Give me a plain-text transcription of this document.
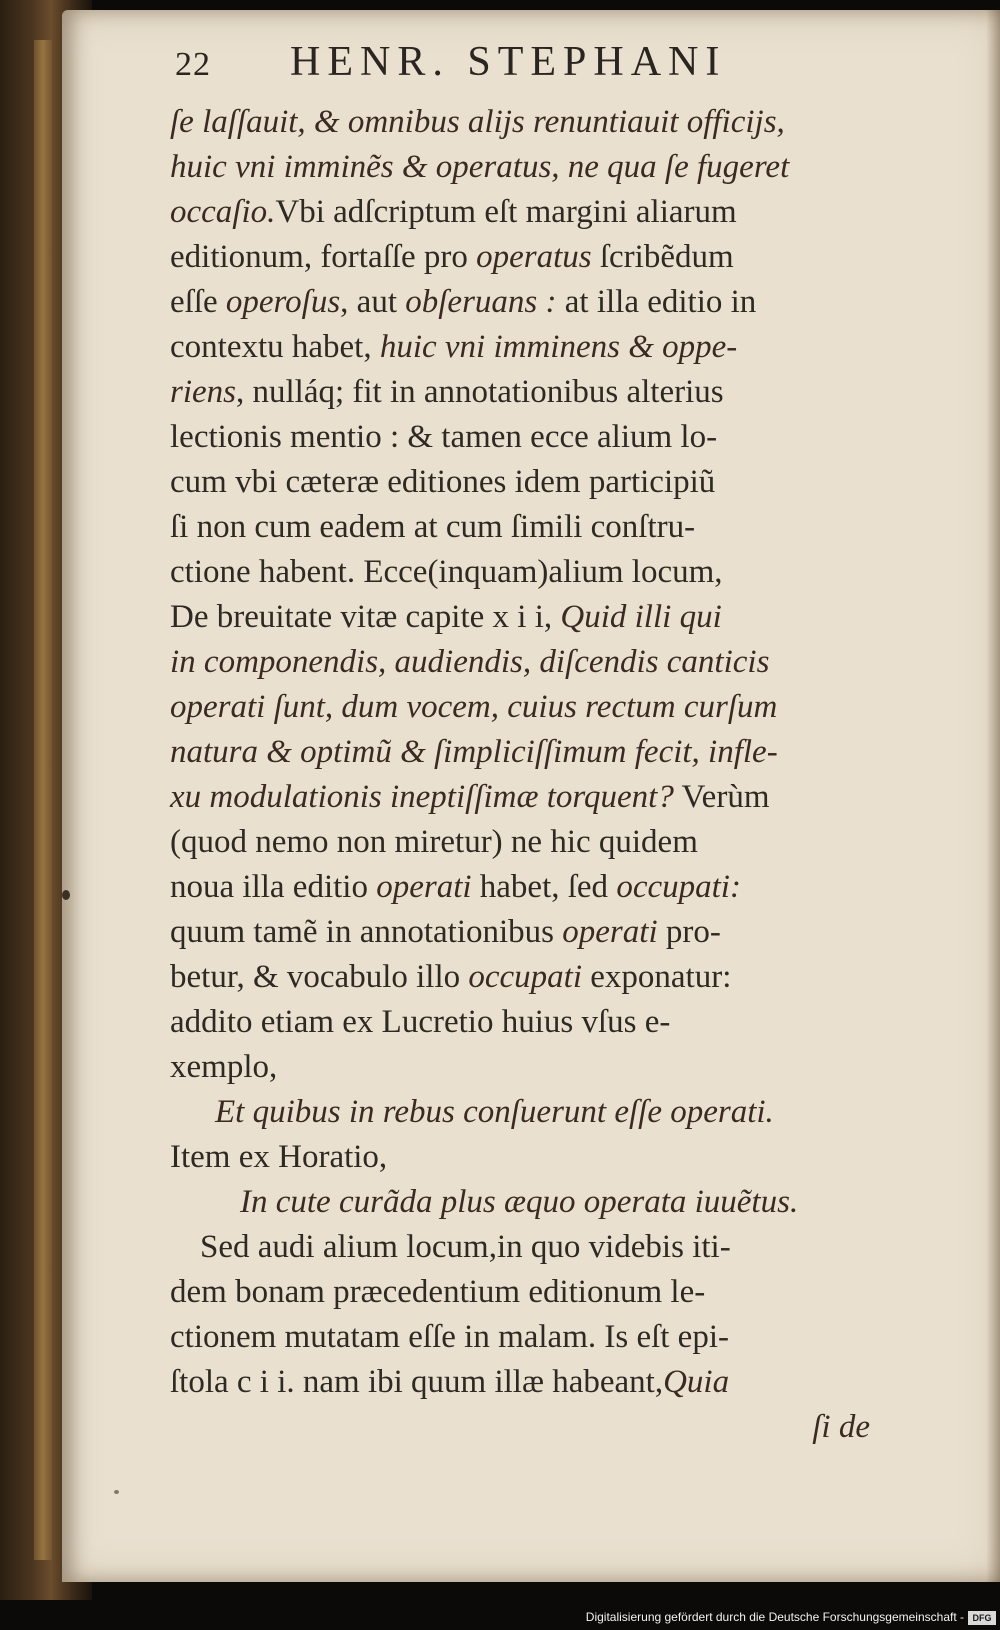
22 HENR. STEPHANI
ſe laſſauit, & omnibus alijs renuntiauit officijs,
huic vni imminẽs & operatus, ne qua ſe fugeret
occaſio.Vbi adſcriptum eſt margini aliarum
editionum, fortaſſe pro operatus ſcribẽdum
eſſe operoſus, aut obſeruans : at illa editio in
contextu habet, huic vni imminens & oppe-
riens, nulláq; fit in annotationibus alterius
lectionis mentio : & tamen ecce alium lo-
cum vbi cæteræ editiones idem participiũ
ſi non cum eadem at cum ſimili conſtru-
ctione habent. Ecce(inquam)alium locum,
De breuitate vitæ capite x i i, Quid illi qui
in componendis, audiendis, diſcendis canticis
operati ſunt, dum vocem, cuius rectum curſum
natura & optimũ & ſimpliciſſimum fecit, infle-
xu modulationis ineptiſſimæ torquent? Verùm
(quod nemo non miretur) ne hic quidem
noua illa editio operati habet, ſed occupati:
quum tamẽ in annotationibus operati pro-
betur, & vocabulo illo occupati exponatur:
addito etiam ex Lucretio huius vſus e-
xemplo,
Et quibus in rebus conſuerunt eſſe operati.
Item ex Horatio,
In cute curãda plus æquo operata iuuẽtus.
Sed audi alium locum,in quo videbis iti-
dem bonam præcedentium editionum le-
ctionem mutatam eſſe in malam. Is eſt epi-
ſtola c i i. nam ibi quum illæ habeant,Quia
ſi de
Digitalisierung gefördert durch die Deutsche Forschungsgemeinschaft - DFG
